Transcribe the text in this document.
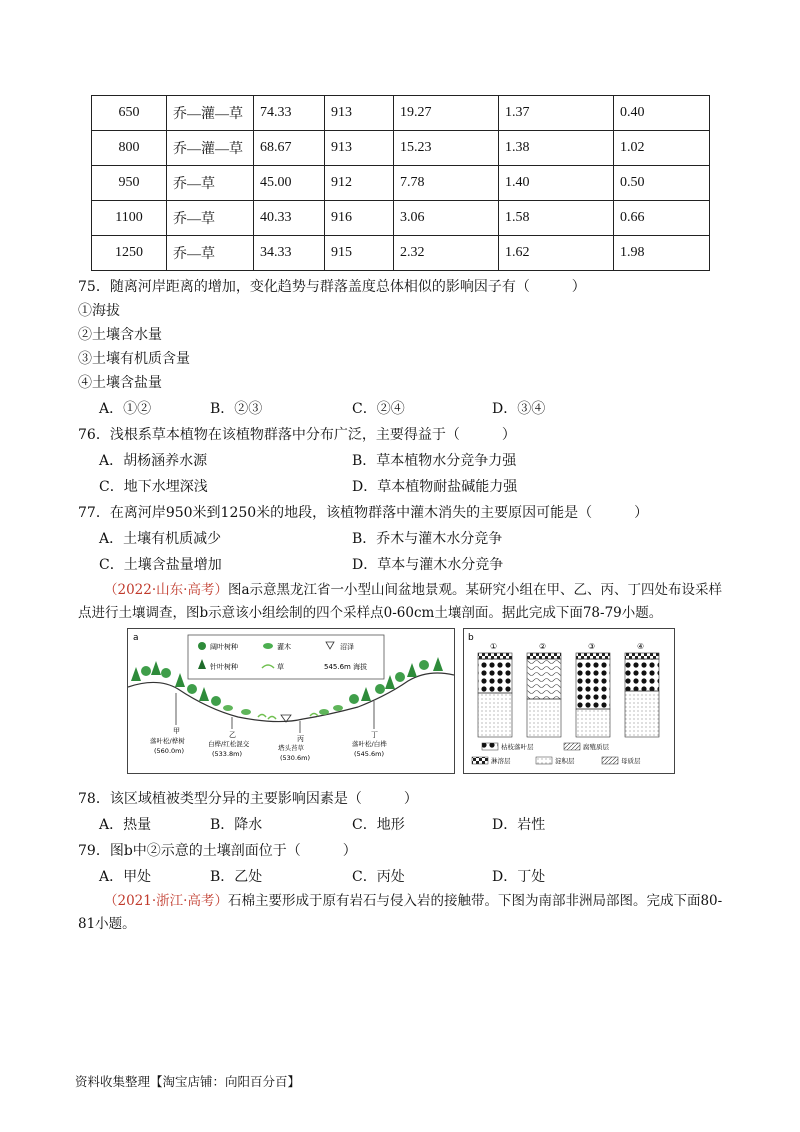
650	乔—灌—草	74.33	913	19.27	1.37	0.40
800	乔—灌—草	68.67	913	15.23	1.38	1.02
950	乔—草	45.00	912	7.78	1.40	0.50
1100	乔—草	40.33	916	3.06	1.58	0.66
1250	乔—草	34.33	915	2.32	1.62	1.98
75．随离河岸距离的增加，变化趋势与群落盖度总体相似的影响因子有（　　　）
①海拔
②土壤含水量
③土壤有机质含量
④土壤含盐量
A．①②	B．②③	C．②④	D．③④
76．浅根系草本植物在该植物群落中分布广泛，主要得益于（　　　）
A．胡杨涵养水源	B．草本植物水分竞争力强
C．地下水埋深浅	D．草本植物耐盐碱能力强
77．在离河岸950米到1250米的地段，该植物群落中灌木消失的主要原因可能是（　　　）
A．土壤有机质减少	B．乔木与灌木水分竞争
C．土壤含盐量增加	D．草本与灌木水分竞争
（2022·山东·高考）图a示意黑龙江省一小型山间盆地景观。某研究小组在甲、乙、丙、丁四处布设采样点进行土壤调查，图b示意该小组绘制的四个采样点0-60cm土壤剖面。据此完成下面78-79小题。
a
阔叶树种	灌木	沼泽
针叶树种	草	545.6m 海拔
甲
落叶松/桦树
(560.0m)
乙
白桦/红松混交
(533.8m)
丙
塔头苔草
(530.6m)
丁
落叶松/白桦
(545.6m)
b
①	②	③	④
枯枝落叶层	腐殖质层
淋溶层	淀积层	母质层
78．该区域植被类型分异的主要影响因素是（　　　）
A．热量	B．降水	C．地形	D．岩性
79．图b中②示意的土壤剖面位于（　　　）
A．甲处	B．乙处	C．丙处	D．丁处
（2021·浙江·高考）石棉主要形成于原有岩石与侵入岩的接触带。下图为南部非洲局部图。完成下面80-81小题。
资料收集整理【淘宝店铺：向阳百分百】
